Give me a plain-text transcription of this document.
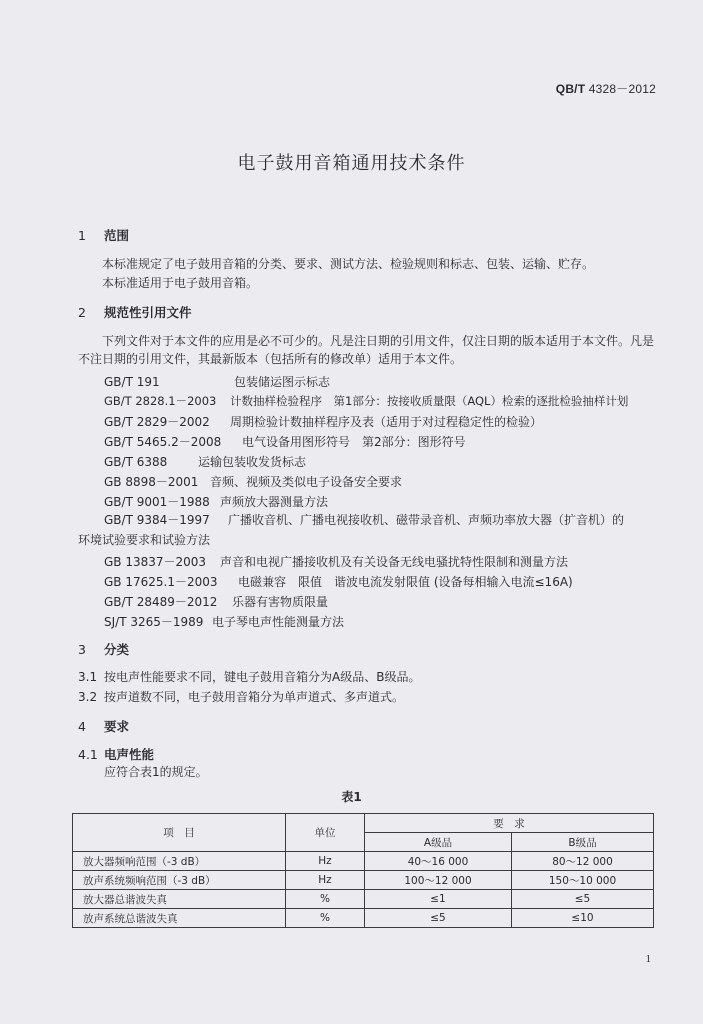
QB/T 4328－2012
电子鼓用音箱通用技术条件
1 范围
本标准规定了电子鼓用音箱的分类、要求、测试方法、检验规则和标志、包装、运输、贮存。
本标准适用于电子鼓用音箱。
2 规范性引用文件
下列文件对于本文件的应用是必不可少的。凡是注日期的引用文件，仅注日期的版本适用于本文件。凡是不注日期的引用文件，其最新版本（包括所有的修改单）适用于本文件。
GB/T 191	包装储运图示标志
GB/T 2828.1－2003 计数抽样检验程序　第1部分：按接收质量限（AQL）检索的逐批检验抽样计划
GB/T 2829－2002 周期检验计数抽样程序及表（适用于对过程稳定性的检验）
GB/T 5465.2－2008 电气设备用图形符号　第2部分：图形符号
GB/T 6388	运输包装收发货标志
GB 8898－2001 音频、视频及类似电子设备安全要求
GB/T 9001－1988 声频放大器测量方法
GB/T 9384－1997 广播收音机、广播电视接收机、磁带录音机、声频功率放大器（扩音机）的环境试验要求和试验方法
GB 13837－2003 声音和电视广播接收机及有关设备无线电骚扰特性限制和测量方法
GB 17625.1－2003 电磁兼容　限值　谐波电流发射限值 (设备每相输入电流≤16A)
GB/T 28489－2012 乐器有害物质限量
SJ/T 3265－1989 电子琴电声性能测量方法
3 分类
3.1 按电声性能要求不同，键电子鼓用音箱分为A级品、B级品。
3.2 按声道数不同，电子鼓用音箱分为单声道式、多声道式。
4 要求
4.1 电声性能
应符合表1的规定。
表1
项　目	单位	要　求	
		A级品	B级品
放大器频响范围（-3 dB）	Hz	40～16 000	80～12 000
放声系统频响范围（-3 dB）	Hz	100～12 000	150～10 000
放大器总谐波失真	%	≤1	≤5
放声系统总谐波失真	%	≤5	≤10
1
